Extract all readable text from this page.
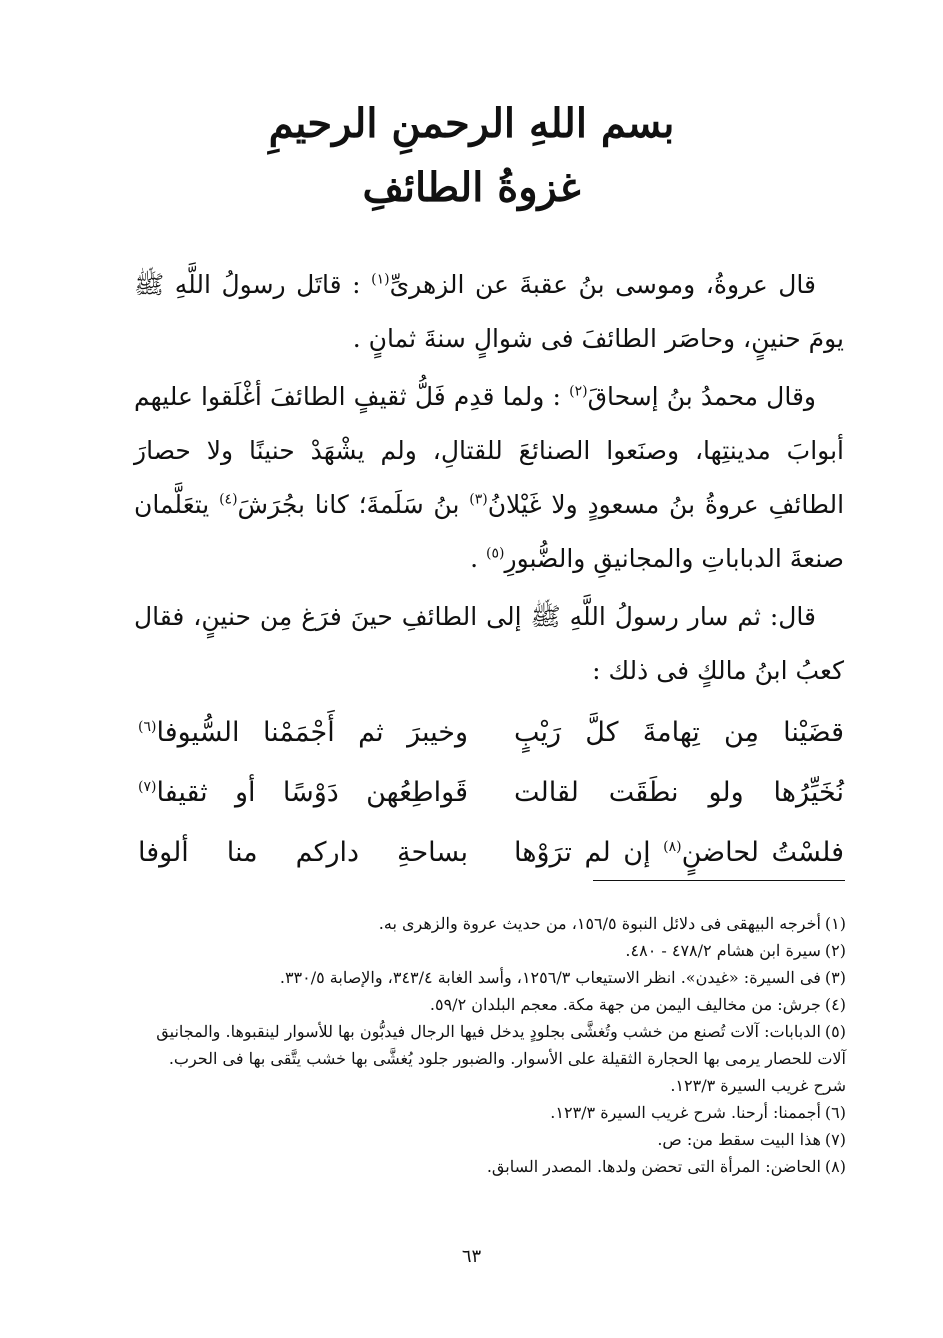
بسم اللهِ الرحمنِ الرحيمِ
غزوةُ الطائفِ

قال عروةُ، وموسى بنُ عقبةَ عن الزهرىِّ$^{(١)}$ : قاتَل رسولُ اللَّهِ ﷺ يومَ حنينٍ، وحاصَر الطائفَ فى شوالٍ سنةَ ثمانٍ .

وقال محمدُ بنُ إسحاقَ$^{(٢)}$ : ولما قدِم فَلُّ ثقيفٍ الطائفَ أغْلَقوا عليهم أبوابَ مدينتِها، وصنَعوا الصنائعَ للقتالِ، ولم يشْهَدْ حنينًا ولا حصارَ الطائفِ عروةُ بنُ مسعودٍ ولا غَيْلانُ$^{(٣)}$ بنُ سَلَمةَ؛ كانا بجُرَشَ$^{(٤)}$ يتعَلَّمان صنعةَ الدباباتِ والمجانيقِ والضُّبورِ$^{(٥)}$ .

قال: ثم سار رسولُ اللَّهِ ﷺ إلى الطائفِ حينَ فرَغ مِن حنينٍ، فقال كعبُ ابنُ مالكٍ فى ذلك :

قضَيْنا مِن تِهامةَ كلَّ رَيْبٍ
وخيبرَ ثم أَجْمَمْنا السُّيوفا$^{(٦)}$
نُخَيِّرُها ولو نطَقَت لقالت
قَواطِعُهن دَوْسًا أو ثقيفا$^{(٧)}$
فلسْتُ لحاضنٍ$^{(٨)}$ إن لم ترَوْها
بساحةِ داركم منا ألوفا

(١)أخرجه البيهقى فى دلائل النبوة ١٥٦/٥، من حديث عروة والزهرى به.

(٢)سيرة ابن هشام ٤٧٨/٢ - ٤٨٠.

(٣)فى السيرة: «غيدن». انظر الاستيعاب ١٢٥٦/٣، وأسد الغابة ٣٤٣/٤، والإصابة ٣٣٠/٥.

(٤)جرش: من مخاليف اليمن من جهة مكة. معجم البلدان ٥٩/٢.

(٥)الدبابات: آلات تُصنع من خشب وتُغشَّى بجلودٍ يدخل فيها الرجال فيدبُّون بها للأسوار لينقبوها. والمجانيق آلات للحصار يرمى بها الحجارة الثقيلة على الأسوار. والضبور جلود يُغشَّى بها خشب يتَّقى بها فى الحرب. شرح غريب السيرة ١٢٣/٣.

(٦)أجممنا: أرحنا. شرح غريب السيرة ١٢٣/٣.

(٧)هذا البيت سقط من: ص.

(٨)الحاضن: المرأة التى تحضن ولدها. المصدر السابق.

٦٣
